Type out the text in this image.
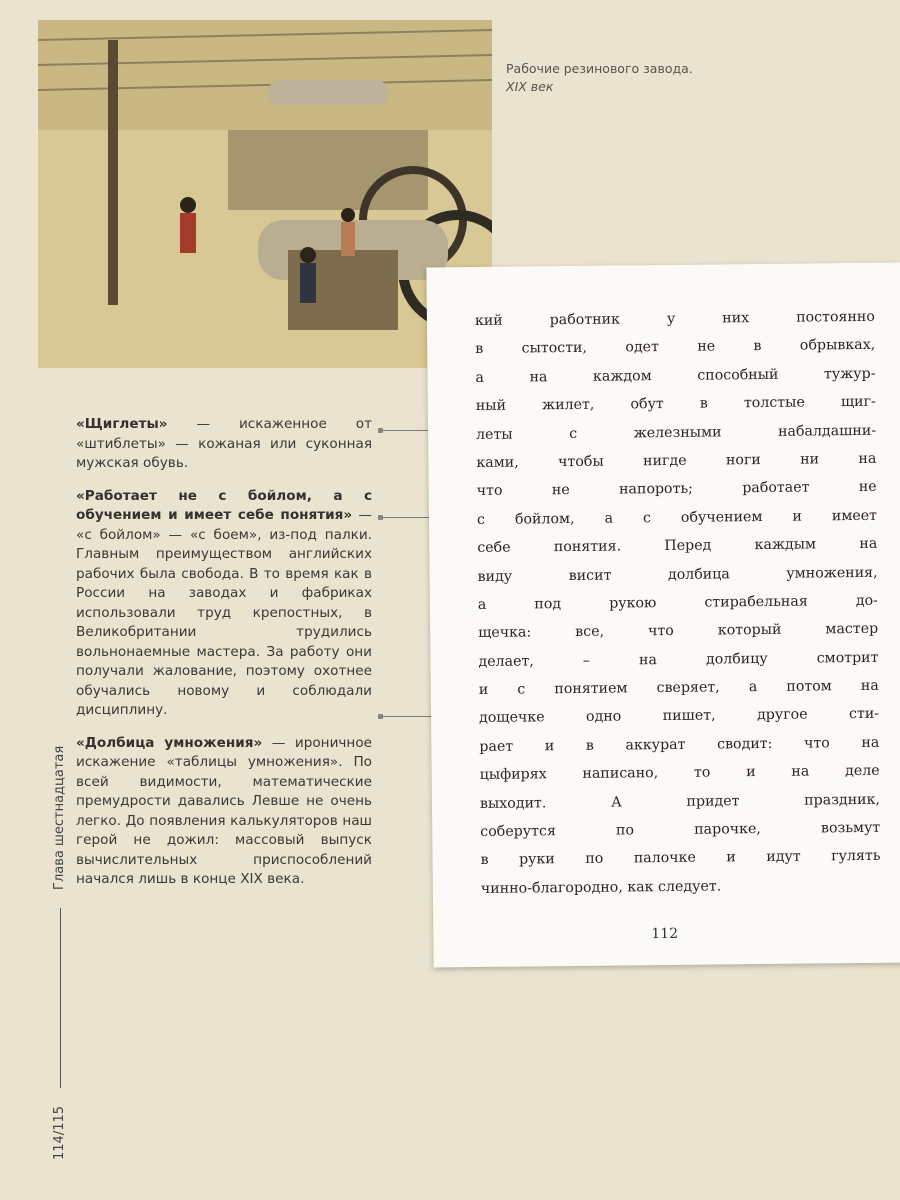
Рабочие резинового завода.
XIX век

«Щиглеты» — искаженное от «штиблеты» — кожаная или суконная мужская обувь.

«Работает не с бойлом, а с обучением и имеет себе понятия» — «с бойлом» — «с боем», из-под палки. Главным преимуществом английских рабочих была свобода. В то время как в России на заводах и фабриках использовали труд крепостных, в Великобритании трудились вольнонаемные мастера. За работу они получали жалование, поэтому охотнее обучались новому и соблюдали дисциплину.

«Долбица умножения» — ироничное искажение «таблицы умножения». По всей видимости, математические премудрости давались Левше не очень легко. До появления калькуляторов наш герой не дожил: массовый выпуск вычислительных приспособлений начался лишь в конце XIX века.

114/115
Глава шестнадцатая
кий работник у них постоянно
в сытости, одет не в обрывках,
а на каждом способный тужур-
ный жилет, обут в толстые щиг-
леты с железными набалдашни-
ками, чтобы нигде ноги ни на
что не напороть; работает не
с бойлом, а с обучением и имеет
себе понятия. Перед каждым на
виду висит долбица умножения,
а под рукою стирабельная до-
щечка: все, что который мастер
делает, – на долбицу смотрит
и с понятием сверяет, а потом на
дощечке одно пишет, другое сти-
рает и в аккурат сводит: что на
цыфирях написано, то и на деле
выходит. А придет праздник,
соберутся по парочке, возьмут
в руки по палочке и идут гулять
чинно-благородно, как следует.
112
